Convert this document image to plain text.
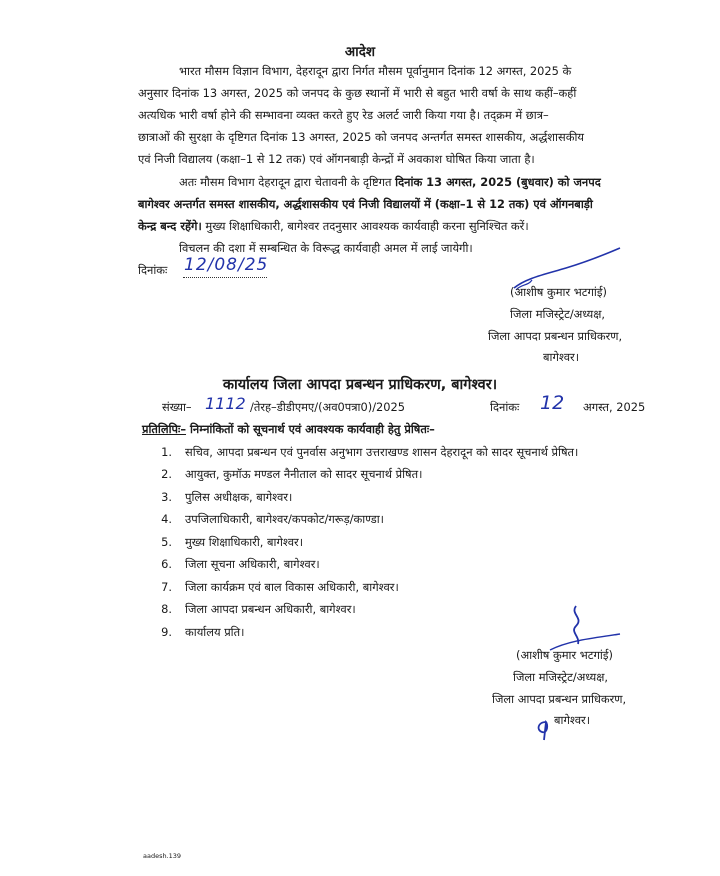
आदेश
भारत मौसम विज्ञान विभाग, देहरादून द्वारा निर्गत मौसम पूर्वानुमान दिनांक 12 अगस्त, 2025 के
अनुसार दिनांक 13 अगस्त, 2025 को जनपद के कुछ स्थानों में भारी से बहुत भारी वर्षा के साथ कहीं–कहीं
अत्यधिक भारी वर्षा होने की सम्भावना व्यक्त करते हुए रेड अलर्ट जारी किया गया है। तद्क्रम में छात्र–
छात्राओं की सुरक्षा के दृष्टिगत दिनांक 13 अगस्त, 2025 को जनपद अन्तर्गत समस्त शासकीय, अर्द्धशासकीय
एवं निजी विद्यालय (कक्षा–1 से 12 तक) एवं ऑगनबाड़ी केन्द्रों में अवकाश घोषित किया जाता है।
अतः मौसम विभाग देहरादून द्वारा चेतावनी के दृष्टिगत दिनांक 13 अगस्त, 2025 (बुधवार) को जनपद
बागेश्वर अन्तर्गत समस्त शासकीय, अर्द्धशासकीय एवं निजी विद्यालयों में (कक्षा–1 से 12 तक) एवं ऑगनबाड़ी
केन्द्र बन्द रहेंगे। मुख्य शिक्षाधिकारी, बागेश्वर तदनुसार आवश्यक कार्यवाही करना सुनिश्चित करें।
विचलन की दशा में सम्बन्धित के विरूद्ध कार्यवाही अमल में लाई जायेगी।
दिनांकः 12/08/25
(आशीष कुमार भटगांई)
जिला मजिस्ट्रेट/अध्यक्ष,
जिला आपदा प्रबन्धन प्राधिकरण,
बागेश्वर।
कार्यालय जिला आपदा प्रबन्धन प्राधिकरण, बागेश्वर।
संख्या– 1112 /तेरह–डीडीएमए/(अव0पत्रा0)/2025	दिनांकः 12 अगस्त, 2025
प्रतिलिपिः– निम्नांकितों को सूचनार्थ एवं आवश्यक कार्यवाही हेतु प्रेषितः–
1. सचिव, आपदा प्रबन्धन एवं पुनर्वास अनुभाग उत्तराखण्ड शासन देहरादून को सादर सूचनार्थ प्रेषित।
2. आयुक्त, कुमॉऊ मण्डल नैनीताल को सादर सूचनार्थ प्रेषित।
3. पुलिस अधीक्षक, बागेश्वर।
4. उपजिलाधिकारी, बागेश्वर/कपकोट/गरूड़/काण्डा।
5. मुख्य शिक्षाधिकारी, बागेश्वर।
6. जिला सूचना अधिकारी, बागेश्वर।
7. जिला कार्यक्रम एवं बाल विकास अधिकारी, बागेश्वर।
8. जिला आपदा प्रबन्धन अधिकारी, बागेश्वर।
9. कार्यालय प्रति।
(आशीष कुमार भटगांई)
जिला मजिस्ट्रेट/अध्यक्ष,
जिला आपदा प्रबन्धन प्राधिकरण,
बागेश्वर।
aadesh.139
